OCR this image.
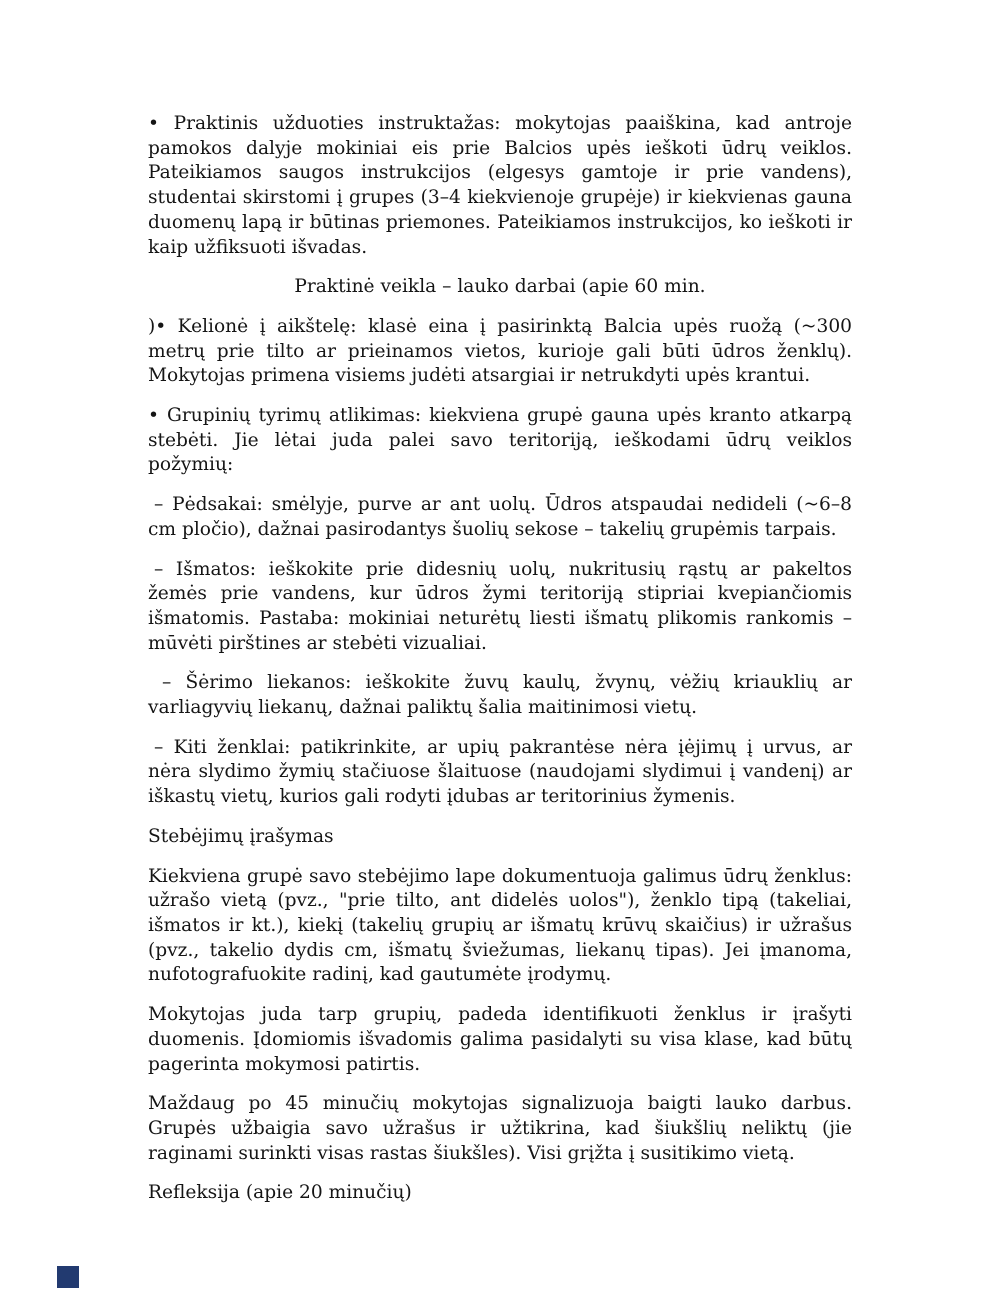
• Praktinis užduoties instruktažas: mokytojas paaiškina, kad antroje pamokos dalyje mokiniai eis prie Balcios upės ieškoti ūdrų veiklos. Pateikiamos saugos instrukcijos (elgesys gamtoje ir prie vandens), studentai skirstomi į grupes (3–4 kiekvienoje grupėje) ir kiekvienas gauna duomenų lapą ir būtinas priemones. Pateikiamos instrukcijos, ko ieškoti ir kaip užfiksuoti išvadas.

Praktinė veikla – lauko darbai (apie 60 min.

)• Kelionė į aikštelę: klasė eina į pasirinktą Balcia upės ruožą (~300 metrų prie tilto ar prieinamos vietos, kurioje gali būti ūdros ženklų). Mokytojas primena visiems judėti atsargiai ir netrukdyti upės krantui.

• Grupinių tyrimų atlikimas: kiekviena grupė gauna upės kranto atkarpą stebėti. Jie lėtai juda palei savo teritoriją, ieškodami ūdrų veiklos požymių:

– Pėdsakai: smėlyje, purve ar ant uolų. Ūdros atspaudai nedideli (~6–8 cm pločio), dažnai pasirodantys šuolių sekose – takelių grupėmis tarpais.

– Išmatos: ieškokite prie didesnių uolų, nukritusių rąstų ar pakeltos žemės prie vandens, kur ūdros žymi teritoriją stipriai kvepiančiomis išmatomis. Pastaba: mokiniai neturėtų liesti išmatų plikomis rankomis – mūvėti pirštines ar stebėti vizualiai.

– Šėrimo liekanos: ieškokite žuvų kaulų, žvynų, vėžių kriauklių ar varliagyvių liekanų, dažnai paliktų šalia maitinimosi vietų.

– Kiti ženklai: patikrinkite, ar upių pakrantėse nėra įėjimų į urvus, ar nėra slydimo žymių stačiuose šlaituose (naudojami slydimui į vandenį) ar iškastų vietų, kurios gali rodyti įdubas ar teritorinius žymenis.

Stebėjimų įrašymas

Kiekviena grupė savo stebėjimo lape dokumentuoja galimus ūdrų ženklus: užrašo vietą (pvz., "prie tilto, ant didelės uolos"), ženklo tipą (takeliai, išmatos ir kt.), kiekį (takelių grupių ar išmatų krūvų skaičius) ir užrašus (pvz., takelio dydis cm, išmatų šviežumas, liekanų tipas). Jei įmanoma, nufotografuokite radinį, kad gautumėte įrodymų.

Mokytojas juda tarp grupių, padeda identifikuoti ženklus ir įrašyti duomenis. Įdomiomis išvadomis galima pasidalyti su visa klase, kad būtų pagerinta mokymosi patirtis.

Maždaug po 45 minučių mokytojas signalizuoja baigti lauko darbus. Grupės užbaigia savo užrašus ir užtikrina, kad šiukšlių neliktų (jie raginami surinkti visas rastas šiukšles). Visi grįžta į susitikimo vietą.

Refleksija (apie 20 minučių)
